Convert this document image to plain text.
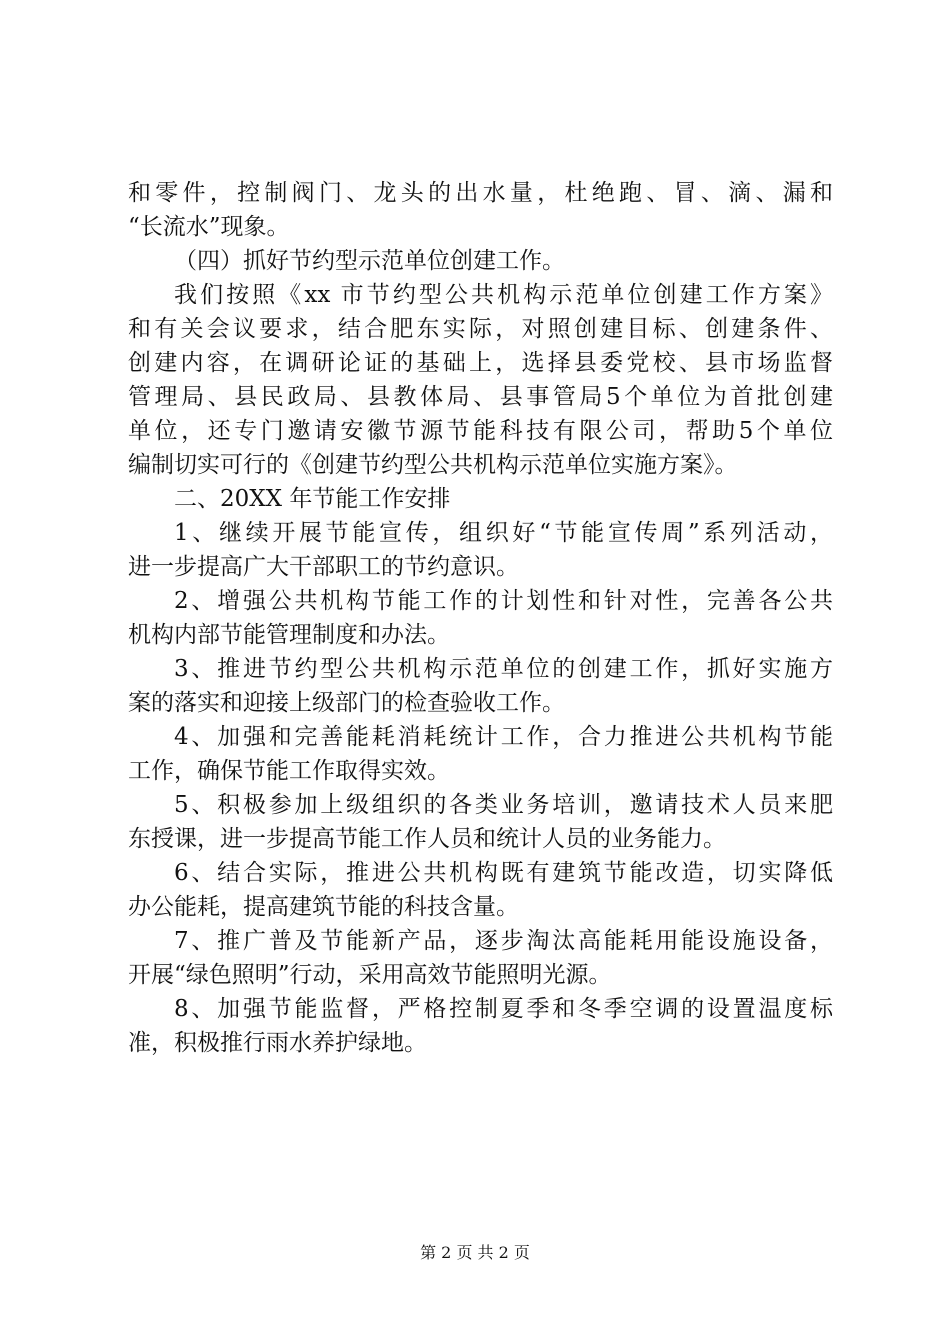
和零件，控制阀门、龙头的出水量，杜绝跑、冒、滴、漏和
“长流水”现象。
（四）抓好节约型示范单位创建工作。
我们按照《xx 市节约型公共机构示范单位创建工作方案》
和有关会议要求，结合肥东实际，对照创建目标、创建条件、
创建内容，在调研论证的基础上，选择县委党校、县市场监督
管理局、县民政局、县教体局、县事管局5个单位为首批创建
单位，还专门邀请安徽节源节能科技有限公司，帮助5个单位
编制切实可行的《创建节约型公共机构示范单位实施方案》。
二、20XX 年节能工作安排
1、继续开展节能宣传，组织好“节能宣传周”系列活动，
进一步提高广大干部职工的节约意识。
2、增强公共机构节能工作的计划性和针对性，完善各公共
机构内部节能管理制度和办法。
3、推进节约型公共机构示范单位的创建工作，抓好实施方
案的落实和迎接上级部门的检查验收工作。
4、加强和完善能耗消耗统计工作，合力推进公共机构节能
工作，确保节能工作取得实效。
5、积极参加上级组织的各类业务培训，邀请技术人员来肥
东授课，进一步提高节能工作人员和统计人员的业务能力。
6、结合实际，推进公共机构既有建筑节能改造，切实降低
办公能耗，提高建筑节能的科技含量。
7、推广普及节能新产品，逐步淘汰高能耗用能设施设备，
开展“绿色照明”行动，采用高效节能照明光源。
8、加强节能监督，严格控制夏季和冬季空调的设置温度标
准，积极推行雨水养护绿地。
第 2 页 共 2 页
